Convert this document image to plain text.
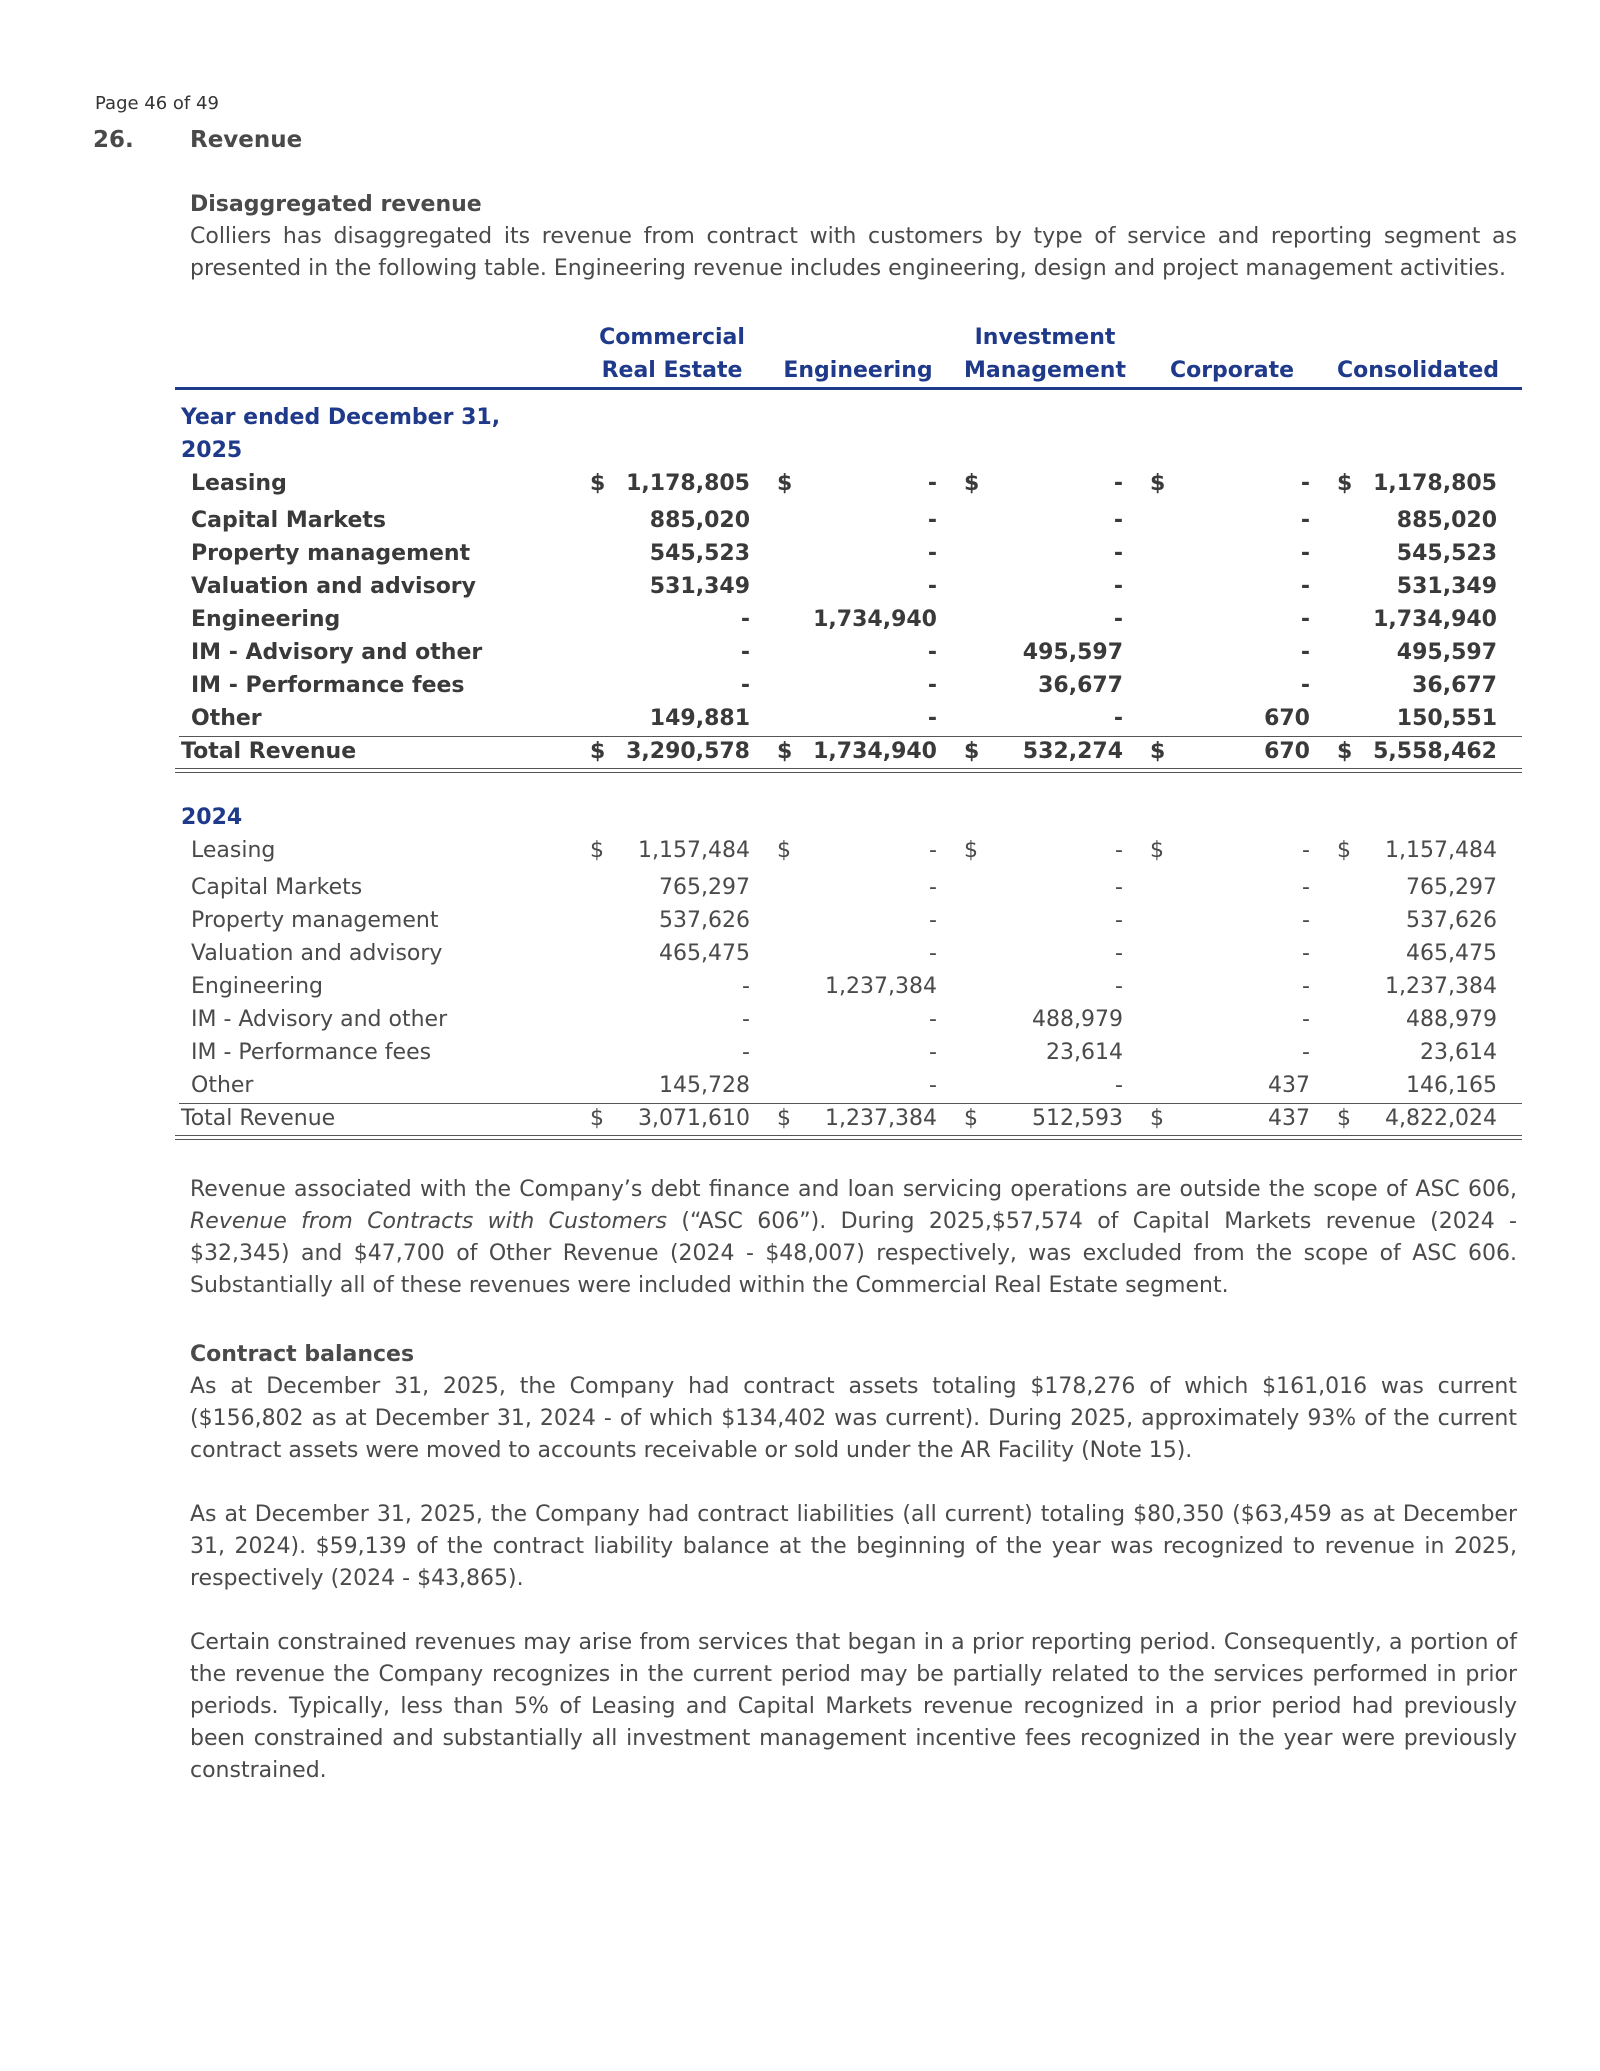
Page 46 of 49
26. Revenue
Disaggregated revenue
Colliers has disaggregated its revenue from contract with customers by type of service and reporting segment as presented in the following table. Engineering revenue includes engineering, design and project management activities.
Commercial
Real Estate	Engineering
Investment
Management	Corporate	Consolidated
Year ended December 31,
2025
Leasing	$ 1,178,805 $	- $	- $	- $ 1,178,805
Capital Markets	885,020	-	-	-	885,020
Property management	545,523	-	-	-	545,523
Valuation and advisory	531,349	-	-	-	531,349
Engineering	-	1,734,940	-	-	1,734,940
IM - Advisory and other	-	-	495,597	-	495,597
IM - Performance fees	-	-	36,677	-	36,677
Other	149,881	-	-	670	150,551
Total Revenue	$ 3,290,578 $ 1,734,940 $	532,274 $	670 $ 5,558,462
2024
Leasing	$	1,157,484 $	- $	- $	- $	1,157,484
Capital Markets	765,297	-	-	-	765,297
Property management	537,626	-	-	-	537,626
Valuation and advisory	465,475	-	-	-	465,475
Engineering	-	1,237,384	-	-	1,237,384
IM - Advisory and other	-	-	488,979	-	488,979
IM - Performance fees	-	-	23,614	-	23,614
Other	145,728	-	-	437	146,165
Total Revenue	$	3,071,610 $	1,237,384 $	512,593 $	437 $	4,822,024
Revenue associated with the Company’s debt finance and loan servicing operations are outside the scope of ASC 606, Revenue from Contracts with Customers (“ASC 606”). During 2025,$57,574 of Capital Markets revenue (2024 - $32,345) and $47,700 of Other Revenue (2024 - $48,007) respectively, was excluded from the scope of ASC 606. Substantially all of these revenues were included within the Commercial Real Estate segment.
Contract balances
As at December 31, 2025, the Company had contract assets totaling $178,276 of which $161,016 was current ($156,802 as at December 31, 2024 - of which $134,402 was current). During 2025, approximately 93% of the current contract assets were moved to accounts receivable or sold under the AR Facility (Note 15).
As at December 31, 2025, the Company had contract liabilities (all current) totaling $80,350 ($63,459 as at December 31, 2024). $59,139 of the contract liability balance at the beginning of the year was recognized to revenue in 2025, respectively (2024 - $43,865).
Certain constrained revenues may arise from services that began in a prior reporting period. Consequently, a portion of the revenue the Company recognizes in the current period may be partially related to the services performed in prior periods. Typically, less than 5% of Leasing and Capital Markets revenue recognized in a prior period had previously been constrained and substantially all investment management incentive fees recognized in the year were previously constrained.
